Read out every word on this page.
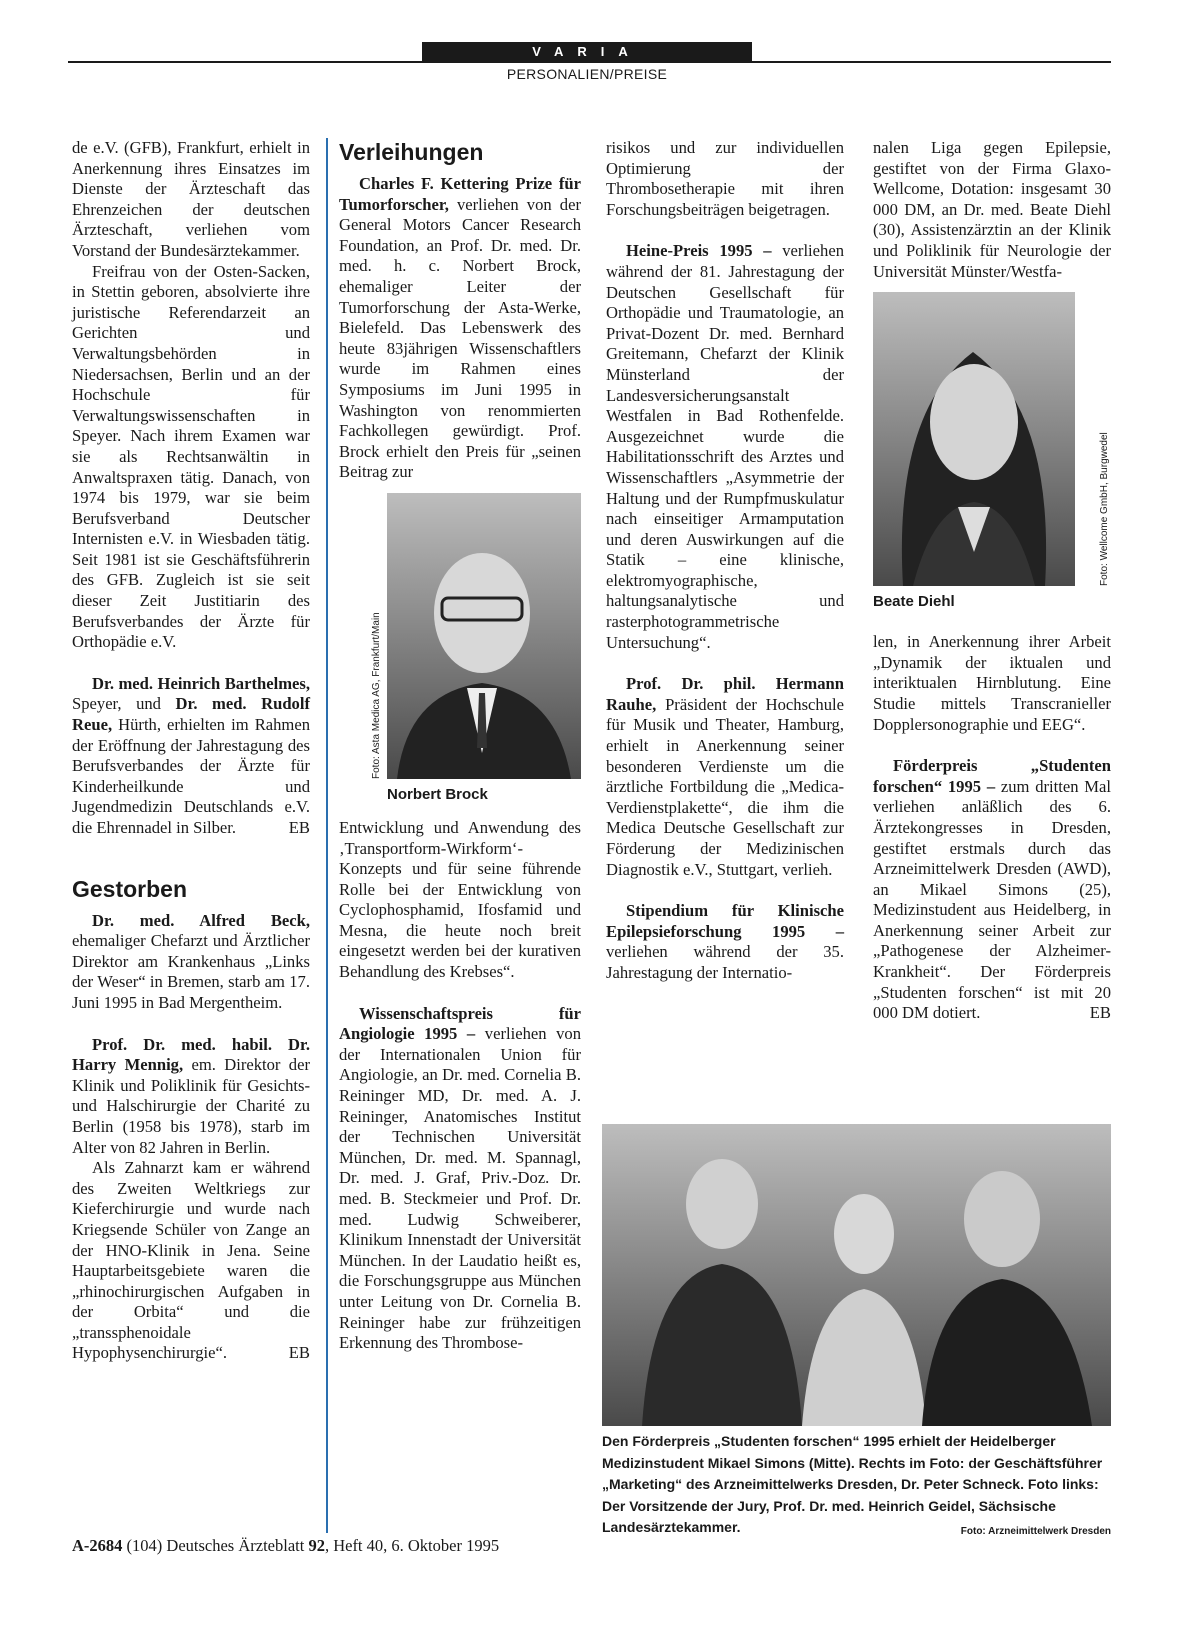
VARIA
PERSONALIEN/PREISE

de e.V. (GFB), Frankfurt, erhielt in Anerkennung ihres Einsatzes im Dienste der Ärzteschaft das Ehrenzeichen der deutschen Ärzteschaft, verliehen vom Vorstand der Bundesärztekammer.

Freifrau von der Osten-Sacken, in Stettin geboren, absolvierte ihre juristische Referendarzeit an Gerichten und Verwaltungsbehörden in Niedersachsen, Berlin und an der Hochschule für Verwaltungswissenschaften in Speyer. Nach ihrem Examen war sie als Rechtsanwältin in Anwaltspraxen tätig. Danach, von 1974 bis 1979, war sie beim Berufsverband Deutscher Internisten e.V. in Wiesbaden tätig. Seit 1981 ist sie Geschäftsführerin des GFB. Zugleich ist sie seit dieser Zeit Justitiarin des Berufsverbandes der Ärzte für Orthopädie e.V.

Dr. med. Heinrich Barthelmes, Speyer, und Dr. med. Rudolf Reue, Hürth, erhielten im Rahmen der Eröffnung der Jahrestagung des Berufsverbandes der Ärzte für Kinderheilkunde und Jugendmedizin Deutschlands e.V. die Ehrennadel in Silber.	EB

Gestorben

Dr. med. Alfred Beck, ehemaliger Chefarzt und Ärztlicher Direktor am Krankenhaus „Links der Weser“ in Bremen, starb am 17. Juni 1995 in Bad Mergentheim.

Prof. Dr. med. habil. Dr. Harry Mennig, em. Direktor der Klinik und Poliklinik für Gesichts- und Halschirurgie der Charité zu Berlin (1958 bis 1978), starb im Alter von 82 Jahren in Berlin.

Als Zahnarzt kam er während des Zweiten Weltkriegs zur Kieferchirurgie und wurde nach Kriegsende Schüler von Zange an der HNO-Klinik in Jena. Seine Hauptarbeitsgebiete waren die „rhinochirurgischen Aufgaben in der Orbita“ und die „transsphenoidale Hypophysenchirurgie“.	EB

Verleihungen

Charles F. Kettering Prize für Tumorforscher, verliehen von der General Motors Cancer Research Foundation, an Prof. Dr. med. Dr. med. h. c. Norbert Brock, ehemaliger Leiter der Tumorforschung der Asta-Werke, Bielefeld. Das Lebenswerk des heute 83jährigen Wissenschaftlers wurde im Rahmen eines Symposiums im Juni 1995 in Washington von renommierten Fachkollegen gewürdigt. Prof. Brock erhielt den Preis für „seinen Beitrag zur

Foto: Asta Medica AG, Frankfurt/Main
Norbert Brock

Entwicklung und Anwendung des ‚Transportform-Wirkform‘-Konzepts und für seine führende Rolle bei der Entwicklung von Cyclophosphamid, Ifosfamid und Mesna, die heute noch breit eingesetzt werden bei der kurativen Behandlung des Krebses“.

Wissenschaftspreis für Angiologie 1995 – verliehen von der Internationalen Union für Angiologie, an Dr. med. Cornelia B. Reininger MD, Dr. med. A. J. Reininger, Anatomisches Institut der Technischen Universität München, Dr. med. M. Spannagl, Dr. med. J. Graf, Priv.-Doz. Dr. med. B. Steckmeier und Prof. Dr. med. Ludwig Schweiberer, Klinikum Innenstadt der Universität München. In der Laudatio heißt es, die Forschungsgruppe aus München unter Leitung von Dr. Cornelia B. Reininger habe zur frühzeitigen Erkennung des Thrombose-

risikos und zur individuellen Optimierung der Thrombosetherapie mit ihren Forschungsbeiträgen beigetragen.

Heine-Preis 1995 – verliehen während der 81. Jahrestagung der Deutschen Gesellschaft für Orthopädie und Traumatologie, an Privat-Dozent Dr. med. Bernhard Greitemann, Chefarzt der Klinik Münsterland der Landesversicherungsanstalt Westfalen in Bad Rothenfelde. Ausgezeichnet wurde die Habilitationsschrift des Arztes und Wissenschaftlers „Asymmetrie der Haltung und der Rumpfmuskulatur nach einseitiger Armamputation und deren Auswirkungen auf die Statik – eine klinische, elektromyographische, haltungsanalytische und rasterphotogrammetrische Untersuchung“.

Prof. Dr. phil. Hermann Rauhe, Präsident der Hochschule für Musik und Theater, Hamburg, erhielt in Anerkennung seiner besonderen Verdienste um die ärztliche Fortbildung die „Medica-Verdienstplakette“, die ihm die Medica Deutsche Gesellschaft zur Förderung der Medizinischen Diagnostik e.V., Stuttgart, verlieh.

Stipendium für Klinische Epilepsieforschung 1995 – verliehen während der 35. Jahrestagung der Internatio-

nalen Liga gegen Epilepsie, gestiftet von der Firma Glaxo-Wellcome, Dotation: insgesamt 30 000 DM, an Dr. med. Beate Diehl (30), Assistenzärztin an der Klinik und Poliklinik für Neurologie der Universität Münster/Westfa-

Foto: Wellcome GmbH, Burgwedel
Beate Diehl

len, in Anerkennung ihrer Arbeit „Dynamik der iktualen und interiktualen Hirnblutung. Eine Studie mittels Transcranieller Dopplersonographie und EEG“.

Förderpreis „Studenten forschen“ 1995 – zum dritten Mal verliehen anläßlich des 6. Ärztekongresses in Dresden, gestiftet erstmals durch das Arzneimittelwerk Dresden (AWD), an Mikael Simons (25), Medizinstudent aus Heidelberg, in Anerkennung seiner Arbeit zur „Pathogenese der Alzheimer-Krankheit“. Der Förderpreis „Studenten forschen“ ist mit 20 000 DM dotiert.	EB

Den Förderpreis „Studenten forschen“ 1995 erhielt der Heidelberger Medizinstudent Mikael Simons (Mitte). Rechts im Foto: der Geschäftsführer „Marketing“ des Arzneimittelwerks Dresden, Dr. Peter Schneck. Foto links: Der Vorsitzende der Jury, Prof. Dr. med. Heinrich Geidel, Sächsische Landesärztekammer.	Foto: Arzneimittelwerk Dresden
A-2684 (104) Deutsches Ärzteblatt 92, Heft 40, 6. Oktober 1995
